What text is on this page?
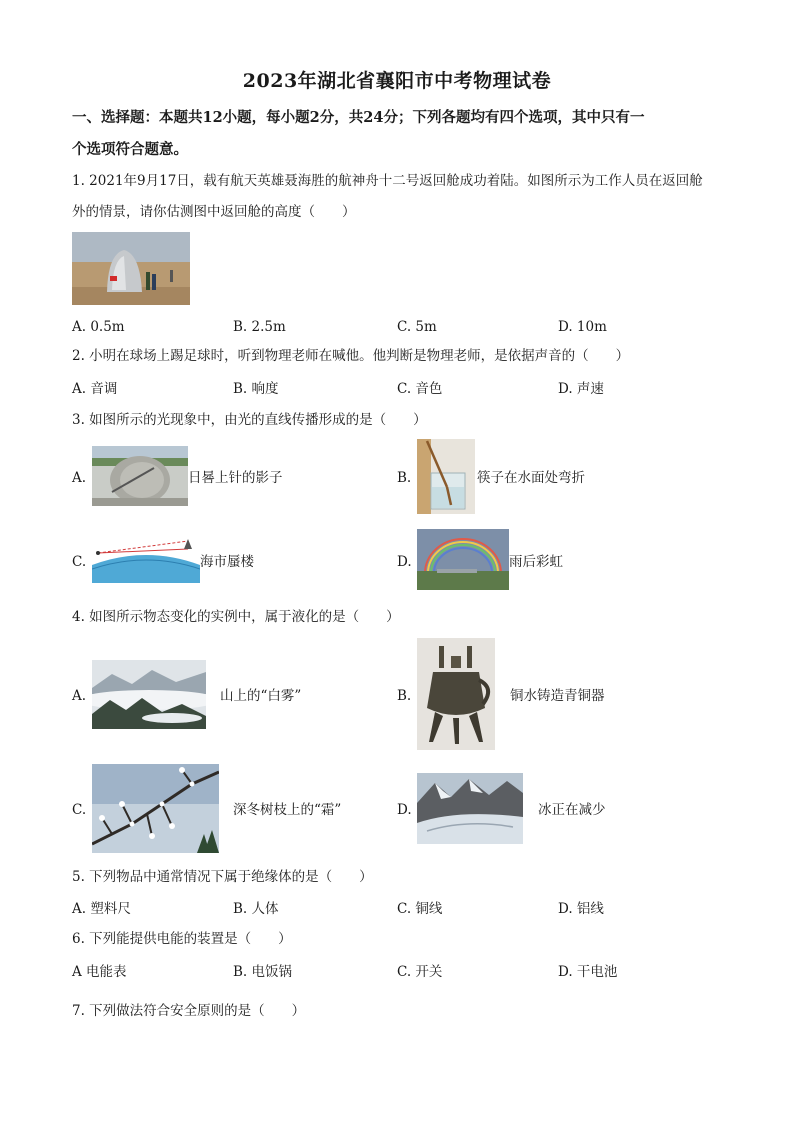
2023年湖北省襄阳市中考物理试卷
一、选择题：本题共12小题，每小题2分，共24分；下列各题均有四个选项，其中只有一
个选项符合题意。
1. 2021年9月17日，载有航天英雄聂海胜的航神舟十二号返回舱成功着陆。如图所示为工作人员在返回舱
外的情景，请你估测图中返回舱的高度（　　）
A. 0.5m	B. 2.5m	C. 5m	D. 10m
2. 小明在球场上踢足球时，听到物理老师在喊他。他判断是物理老师，是依据声音的（　　）
A. 音调	B. 响度	C. 音色	D. 声速
3. 如图所示的光现象中，由光的直线传播形成的是（　　）
A.	日晷上针的影子	B.	筷子在水面处弯折
C.	海市蜃楼	D.	雨后彩虹
4. 如图所示物态变化的实例中，属于液化的是（　　）
A.	山上的“白雾”	B.	铜水铸造青铜器
C.	深冬树枝上的“霜”	D.	冰正在减少
5. 下列物品中通常情况下属于绝缘体的是（　　）
A. 塑料尺	B. 人体	C. 铜线	D. 铝线
6. 下列能提供电能的装置是（　　）
A 电能表	B. 电饭锅	C. 开关	D. 干电池
7. 下列做法符合安全原则的是（　　）
